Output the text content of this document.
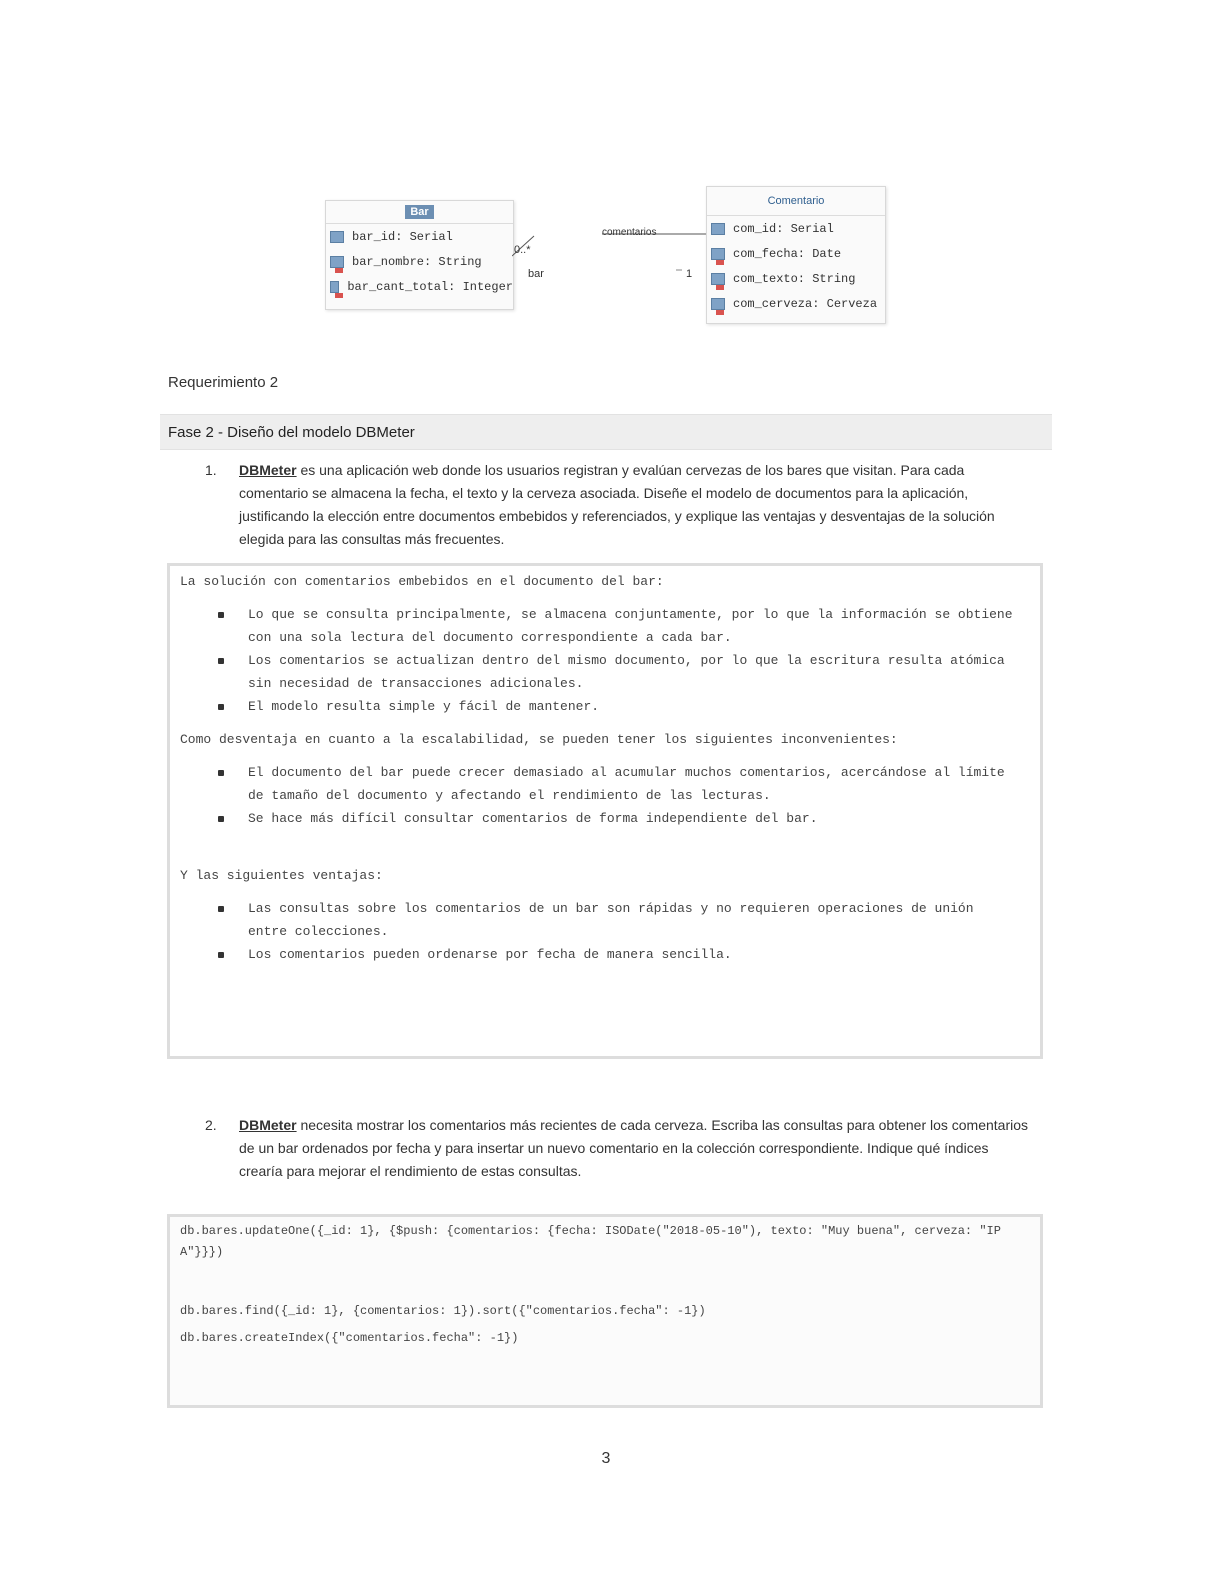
Bar
bar_id: Serial
bar_nombre: String
bar_cant_total: Integer
Comentario
com_id: Serial
com_fecha: Date
com_texto: String
com_cerveza: Cerveza
0..*
bar
comentarios
1
Requerimiento 2
Fase 2 - Diseño del modelo DBMeter
1. DBMeter es una aplicación web donde los usuarios registran y evalúan cervezas de los bares que visitan. Para cada comentario se almacena la fecha, el texto y la cerveza asociada. Diseñe el modelo de documentos para la aplicación, justificando la elección entre documentos embebidos y referenciados, y explique las ventajas y desventajas de la solución elegida para las consultas más frecuentes.

La solución con comentarios embebidos en el documento del bar:

Lo que se consulta principalmente, se almacena conjuntamente, por lo que la información se obtiene con una sola lectura del documento correspondiente a cada bar.
Los comentarios se actualizan dentro del mismo documento, por lo que la escritura resulta atómica sin necesidad de transacciones adicionales.
El modelo resulta simple y fácil de mantener.

Como desventaja en cuanto a la escalabilidad, se pueden tener los siguientes inconvenientes:

El documento del bar puede crecer demasiado al acumular muchos comentarios, acercándose al límite de tamaño del documento y afectando el rendimiento de las lecturas.
Se hace más difícil consultar comentarios de forma independiente del bar.

Y las siguientes ventajas:

Las consultas sobre los comentarios de un bar son rápidas y no requieren operaciones de unión entre colecciones.
Los comentarios pueden ordenarse por fecha de manera sencilla.
2. DBMeter necesita mostrar los comentarios más recientes de cada cerveza. Escriba las consultas para obtener los comentarios de un bar ordenados por fecha y para insertar un nuevo comentario en la colección correspondiente. Indique qué índices crearía para mejorar el rendimiento de estas consultas.
db.bares.updateOne({_id: 1}, {$push: {comentarios: {fecha: ISODate("2018-05-10"), texto: "Muy buena", cerveza: "IPA"}}})
db.bares.find({_id: 1}, {comentarios: 1}).sort({"comentarios.fecha": -1})
db.bares.createIndex({"comentarios.fecha": -1})
3
